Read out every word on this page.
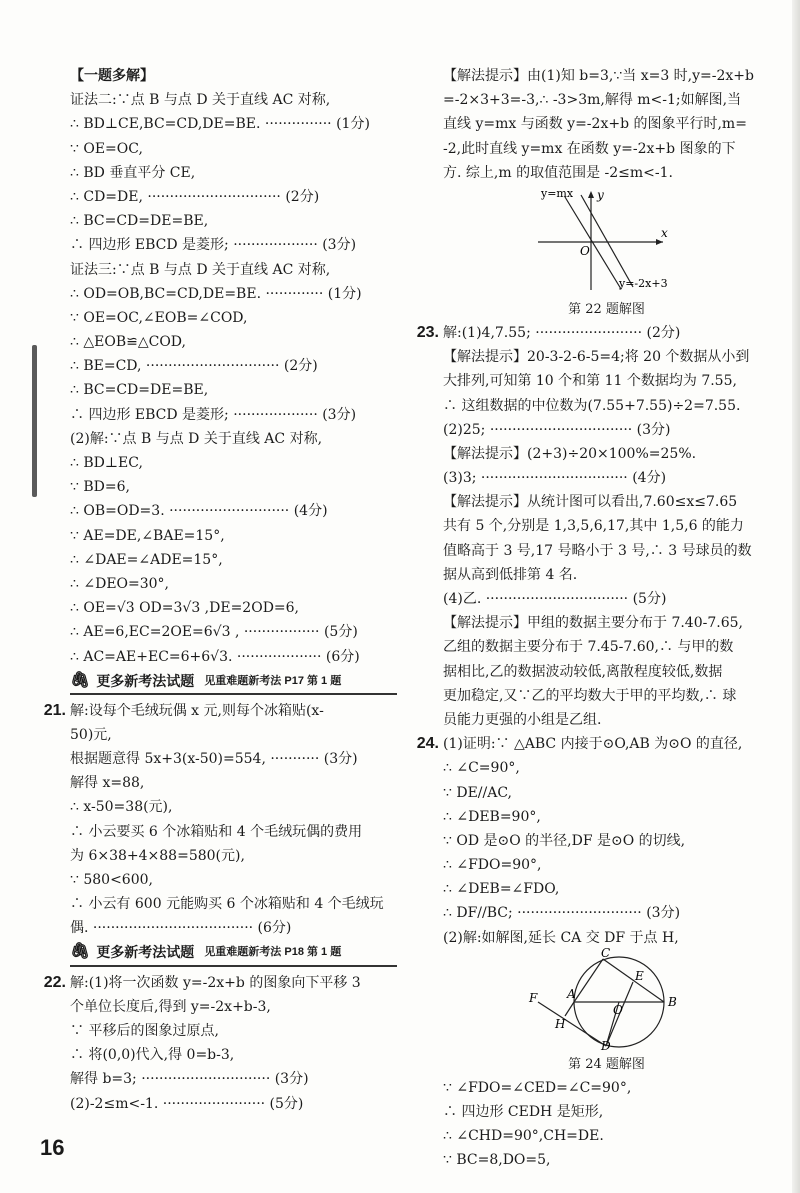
【一题多解】
证法二:∵点 B 与点 D 关于直线 AC 对称,
∴ BD⊥CE,BC=CD,DE=BE. ··············· (1分)
∵ OE=OC,
∴ BD 垂直平分 CE,
∴ CD=DE, ······························ (2分)
∴ BC=CD=DE=BE,
∴ 四边形 EBCD 是菱形; ··················· (3分)
证法三:∵点 B 与点 D 关于直线 AC 对称,
∴ OD=OB,BC=CD,DE=BE. ············· (1分)
∵ OE=OC,∠EOB=∠COD,
∴ △EOB≌△COD,
∴ BE=CD, ······························ (2分)
∴ BC=CD=DE=BE,
∴ 四边形 EBCD 是菱形; ··················· (3分)
(2)解:∵点 B 与点 D 关于直线 AC 对称,
∴ BD⊥EC,
∵ BD=6,
∴ OB=OD=3. ··························· (4分)
∵ AE=DE,∠BAE=15°,
∴ ∠DAE=∠ADE=15°,
∴ ∠DEO=30°,
∴ OE=√3 OD=3√3 ,DE=2OD=6,
∴ AE=6,EC=2OE=6√3 , ················· (5分)
∴ AC=AE+EC=6+6√3. ··················· (6分)
🖇 更多新考法试题 见重难题新考法 P17 第 1 题
21. 解:设每个毛绒玩偶 x 元,则每个冰箱贴(x-
50)元,
根据题意得 5x+3(x-50)=554, ··········· (3分)
解得 x=88,
∴ x-50=38(元),
∴ 小云要买 6 个冰箱贴和 4 个毛绒玩偶的费用
为 6×38+4×88=580(元),
∵ 580<600,
∴ 小云有 600 元能购买 6 个冰箱贴和 4 个毛绒玩
偶. ···································· (6分)
🖇 更多新考法试题 见重难题新考法 P18 第 1 题
22. 解:(1)将一次函数 y=-2x+b 的图象向下平移 3
个单位长度后,得到 y=-2x+b-3,
∵ 平移后的图象过原点,
∴ 将(0,0)代入,得 0=b-3,
解得 b=3; ····························· (3分)
(2)-2≤m<-1. ······················· (5分)
【解法提示】由(1)知 b=3,∵当 x=3 时,y=-2x+b
=-2×3+3=-3,∴ -3>3m,解得 m<-1;如解图,当
直线 y=mx 与函数 y=-2x+b 的图象平行时,m=
-2,此时直线 y=mx 在函数 y=-2x+b 图象的下
方. 综上,m 的取值范围是 -2≤m<-1.
y=mx y
x
O
y=-2x+3
第 22 题解图
23. 解:(1)4,7.55; ························ (2分)
【解法提示】20-3-2-6-5=4;将 20 个数据从小到
大排列,可知第 10 个和第 11 个数据均为 7.55,
∴ 这组数据的中位数为(7.55+7.55)÷2=7.55.
(2)25; ································ (3分)
【解法提示】(2+3)÷20×100%=25%.
(3)3; ································· (4分)
【解法提示】从统计图可以看出,7.60≤x≤7.65
共有 5 个,分别是 1,3,5,6,17,其中 1,5,6 的能力
值略高于 3 号,17 号略小于 3 号,∴ 3 号球员的数
据从高到低排第 4 名.
(4)乙. ································ (5分)
【解法提示】甲组的数据主要分布于 7.40-7.65,
乙组的数据主要分布于 7.45-7.60,∴ 与甲的数
据相比,乙的数据波动较低,离散程度较低,数据
更加稳定,又∵乙的平均数大于甲的平均数,∴ 球
员能力更强的小组是乙组.
24. (1)证明:∵ △ABC 内接于⊙O,AB 为⊙O 的直径,
∴ ∠C=90°,
∵ DE//AC,
∴ ∠DEB=90°,
∵ OD 是⊙O 的半径,DF 是⊙O 的切线,
∴ ∠FDO=90°,
∴ ∠DEB=∠FDO,
∴ DF//BC; ···························· (3分)
(2)解:如解图,延长 CA 交 DF 于点 H,
C
E
F A
O
B
H
D
第 24 题解图
∵ ∠FDO=∠CED=∠C=90°,
∴ 四边形 CEDH 是矩形,
∴ ∠CHD=90°,CH=DE.
∵ BC=8,DO=5,
16
